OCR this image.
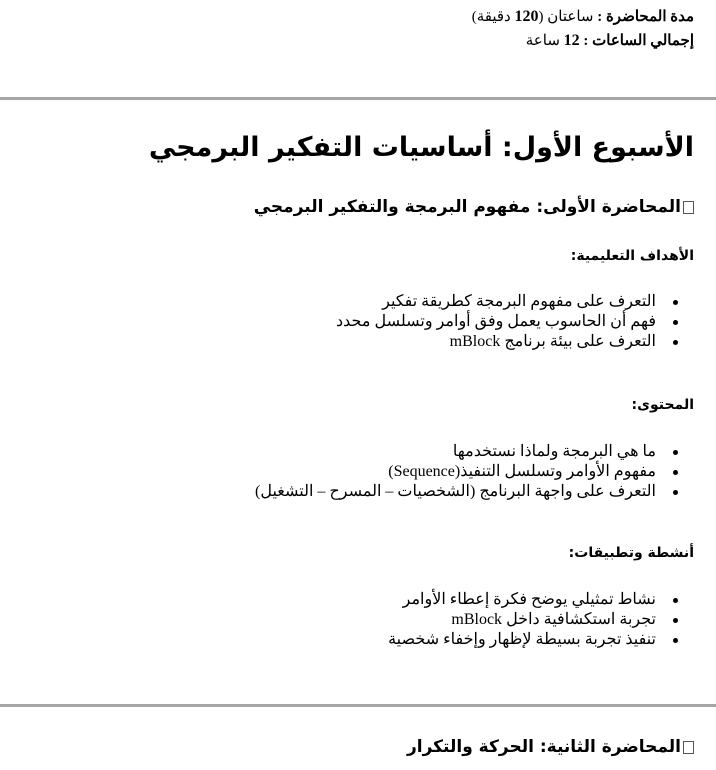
مدة المحاضرة : ساعتان (120 دقيقة)
إجمالي الساعات : 12 ساعة
الأسبوع الأول: أساسيات التفكير البرمجي
المحاضرة الأولى: مفهوم البرمجة والتفكير البرمجي
الأهداف التعليمية:
التعرف على مفهوم البرمجة كطريقة تفكير
فهم أن الحاسوب يعمل وفق أوامر وتسلسل محدد
التعرف على بيئة برنامج mBlock
المحتوى:
ما هي البرمجة ولماذا نستخدمها
مفهوم الأوامر وتسلسل التنفيذ(Sequence)
التعرف على واجهة البرنامج (الشخصيات – المسرح – التشغيل)
أنشطة وتطبيقات:
نشاط تمثيلي يوضح فكرة إعطاء الأوامر
تجربة استكشافية داخل mBlock
تنفيذ تجربة بسيطة لإظهار وإخفاء شخصية
المحاضرة الثانية: الحركة والتكرار
